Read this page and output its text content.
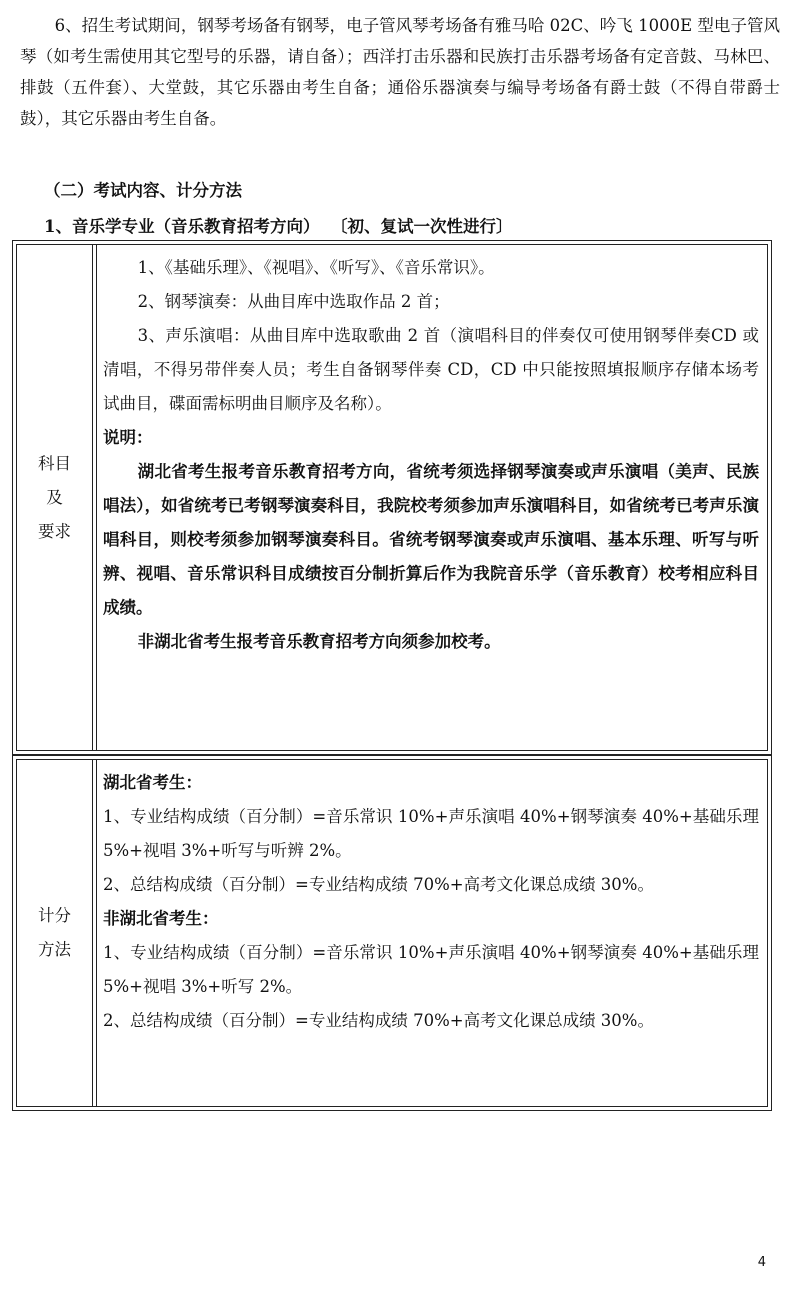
6、招生考试期间，钢琴考场备有钢琴，电子管风琴考场备有雅马哈 02C、吟飞 1000E 型电子管风琴（如考生需使用其它型号的乐器，请自备）；西洋打击乐器和民族打击乐器考场备有定音鼓、马林巴、排鼓（五件套）、大堂鼓，其它乐器由考生自备；通俗乐器演奏与编导考场备有爵士鼓（不得自带爵士鼓），其它乐器由考生自备。

（二）考试内容、计分方法
1、音乐学专业（音乐教育招考方向）  〔初、复试一次性进行〕
科目及
要求

1、《基础乐理》、《视唱》、《听写》、《音乐常识》。

2、钢琴演奏：从曲目库中选取作品 2 首；

3、声乐演唱：从曲目库中选取歌曲 2 首（演唱科目的伴奏仅可使用钢琴伴奏CD 或清唱，不得另带伴奏人员；考生自备钢琴伴奏 CD，CD 中只能按照填报顺序存储本场考试曲目，碟面需标明曲目顺序及名称）。

说明：

湖北省考生报考音乐教育招考方向，省统考须选择钢琴演奏或声乐演唱（美声、民族唱法），如省统考已考钢琴演奏科目，我院校考须参加声乐演唱科目，如省统考已考声乐演唱科目，则校考须参加钢琴演奏科目。省统考钢琴演奏或声乐演唱、基本乐理、听写与听辨、视唱、音乐常识科目成绩按百分制折算后作为我院音乐学（音乐教育）校考相应科目成绩。

非湖北省考生报考音乐教育招考方向须参加校考。

计分
方法

湖北省考生：

1、专业结构成绩（百分制）=音乐常识 10%+声乐演唱 40%+钢琴演奏 40%+基础乐理 5%+视唱 3%+听写与听辨 2%。

2、总结构成绩（百分制）=专业结构成绩 70%+高考文化课总成绩 30%。

非湖北省考生：

1、专业结构成绩（百分制）=音乐常识 10%+声乐演唱 40%+钢琴演奏 40%+基础乐理 5%+视唱 3%+听写 2%。

2、总结构成绩（百分制）=专业结构成绩 70%+高考文化课总成绩 30%。

4
